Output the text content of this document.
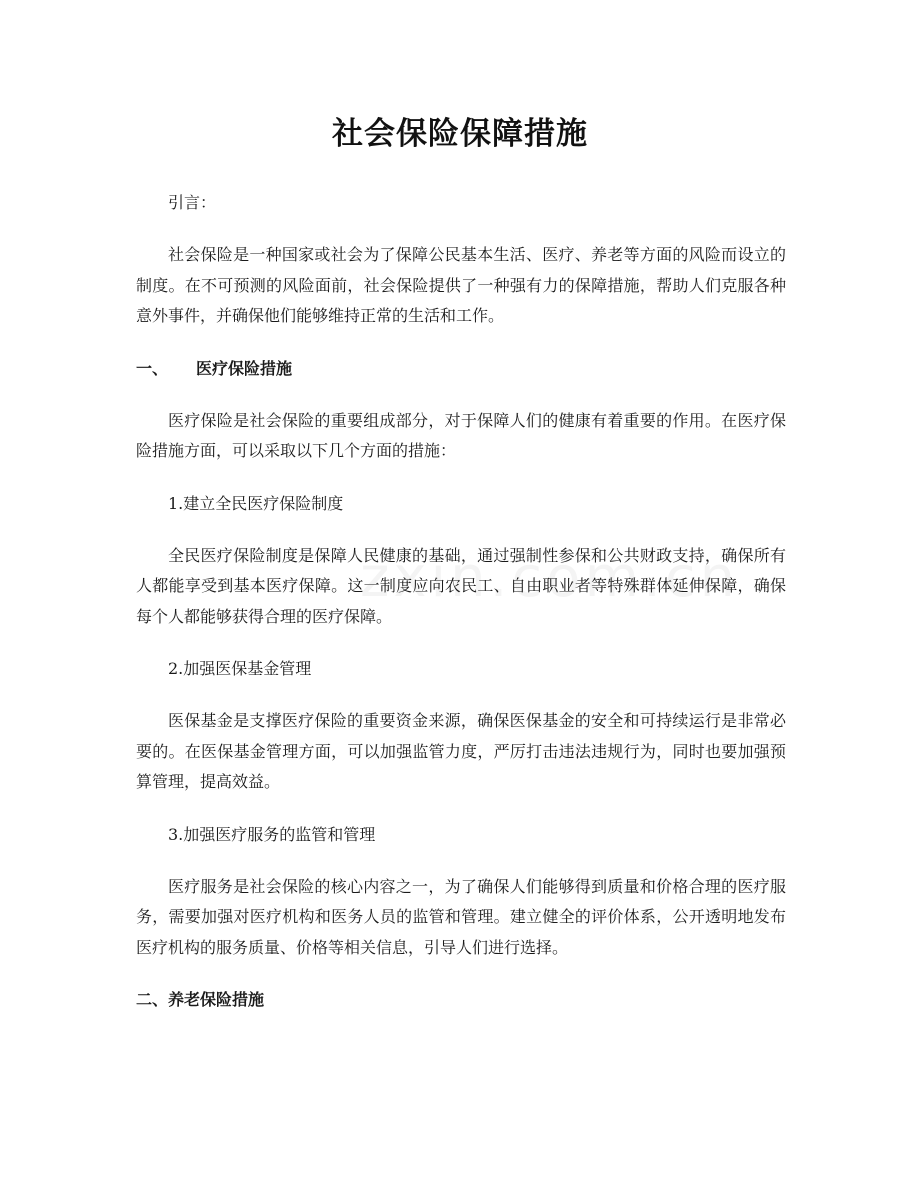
社会保险保障措施

引言：

社会保险是一种国家或社会为了保障公民基本生活、医疗、养老等方面的风险而设立的制度。在不可预测的风险面前，社会保险提供了一种强有力的保障措施，帮助人们克服各种意外事件，并确保他们能够维持正常的生活和工作。

一、 医疗保险措施

医疗保险是社会保险的重要组成部分，对于保障人们的健康有着重要的作用。在医疗保险措施方面，可以采取以下几个方面的措施：

1.建立全民医疗保险制度

全民医疗保险制度是保障人民健康的基础，通过强制性参保和公共财政支持，确保所有人都能享受到基本医疗保障。这一制度应向农民工、自由职业者等特殊群体延伸保障，确保每个人都能够获得合理的医疗保障。

2.加强医保基金管理

医保基金是支撑医疗保险的重要资金来源，确保医保基金的安全和可持续运行是非常必要的。在医保基金管理方面，可以加强监管力度，严厉打击违法违规行为，同时也要加强预算管理，提高效益。

3.加强医疗服务的监管和管理

医疗服务是社会保险的核心内容之一，为了确保人们能够得到质量和价格合理的医疗服务，需要加强对医疗机构和医务人员的监管和管理。建立健全的评价体系，公开透明地发布医疗机构的服务质量、价格等相关信息，引导人们进行选择。

二、养老保险措施
